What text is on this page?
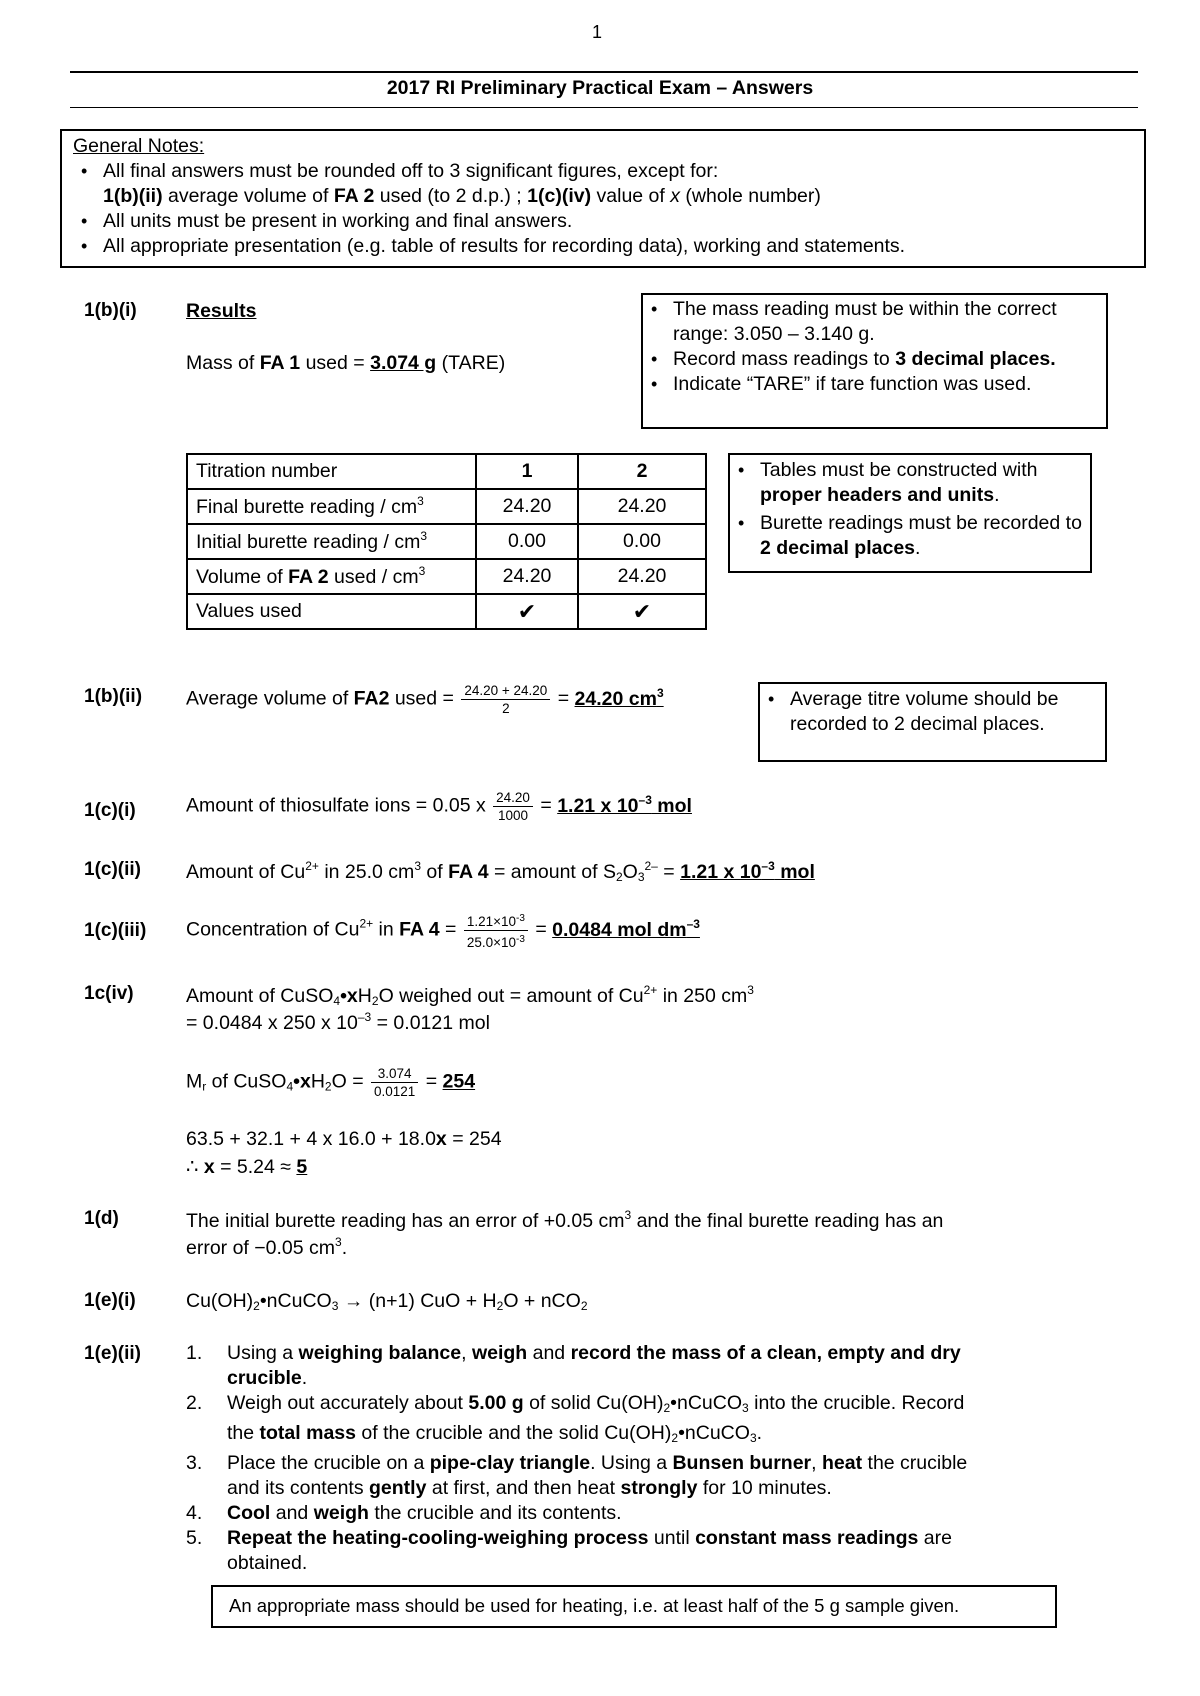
1
2017 RI Preliminary Practical Exam – Answers
General Notes:
• All final answers must be rounded off to 3 significant figures, except for:
1(b)(ii) average volume of FA 2 used (to 2 d.p.) ; 1(c)(iv) value of x (whole number)
• All units must be present in working and final answers.
• All appropriate presentation (e.g. table of results for recording data), working and statements.
1(b)(i)	Results
Mass of FA 1 used = 3.074 g (TARE)
• The mass reading must be within the correct range: 3.050 – 3.140 g.
• Record mass readings to 3 decimal places.
• Indicate “TARE” if tare function was used.
Titration number	1	2
Final burette reading / $cm^3$	24.20	24.20
Initial burette reading / $cm^3$	0.00	0.00
Volume of FA 2 used / $cm^3$	24.20	24.20
Values used	✔	✔
• Tables must be constructed with proper headers and units.
• Burette readings must be recorded to 2 decimal places.
1(b)(ii) Average volume of FA2 used = $\frac{24.20 + 24.20}{2} = 24.20$ $cm^3$	• Average titre volume should be recorded to 2 decimal places.
1(c)(i)	Amount of thiosulfate ions = 0.05 x $\frac{24.20}{1000} = 1.21$ x $10^{-3}$ mol
1(c)(ii) Amount of $Cu^{2+}$ in 25.0 $cm^3$ of FA 4 = amount of $S_2O_3^{2-} = 1.21$ x $10^{-3}$ mol
1(c)(iii) Concentration of $Cu^{2+}$ in FA $4 = \frac{1.21\times 10^{-3}}{25.0\times 10^{-3}} = 0.0484$ mol $dm^{-3}$
1c(iv)	Amount of $CuSO_4•xH_2O$ weighed out = amount of $Cu^{2+}$ in 250 $cm^3$
= 0.0484 x 250 x $10^{-3} = 0.0121$ mol
$M_r$ of $CuSO_4•xH_2O = \frac{3.074}{0.0121} = 254$
63.5 + 32.1 + 4 x 16.0 + 18.0x = 254
∴ x = 5.24 ≈ 5
1(d)	The initial burette reading has an error of +0.05 $cm^3$ and the final burette reading has an
error of −0.05 $cm^3$.
1(e)(i)	$Cu(OH)_2•nCuCO_3 \to (n+1)$ CuO + $H_2O + nCO_2$
1(e)(ii) 1. Using a weighing balance, weigh and record the mass of a clean, empty and dry
crucible.
2. Weigh out accurately about 5.00 g of solid $Cu(OH)_2•nCuCO_3$ into the crucible. Record
the total mass of the crucible and the solid $Cu(OH)_2•nCuCO_3$.
3. Place the crucible on a pipe-clay triangle. Using a Bunsen burner, heat the crucible
and its contents gently at first, and then heat strongly for 10 minutes.
4. Cool and weigh the crucible and its contents.
5. Repeat the heating-cooling-weighing process until constant mass readings are
obtained.
An appropriate mass should be used for heating, i.e. at least half of the 5 g sample given.
